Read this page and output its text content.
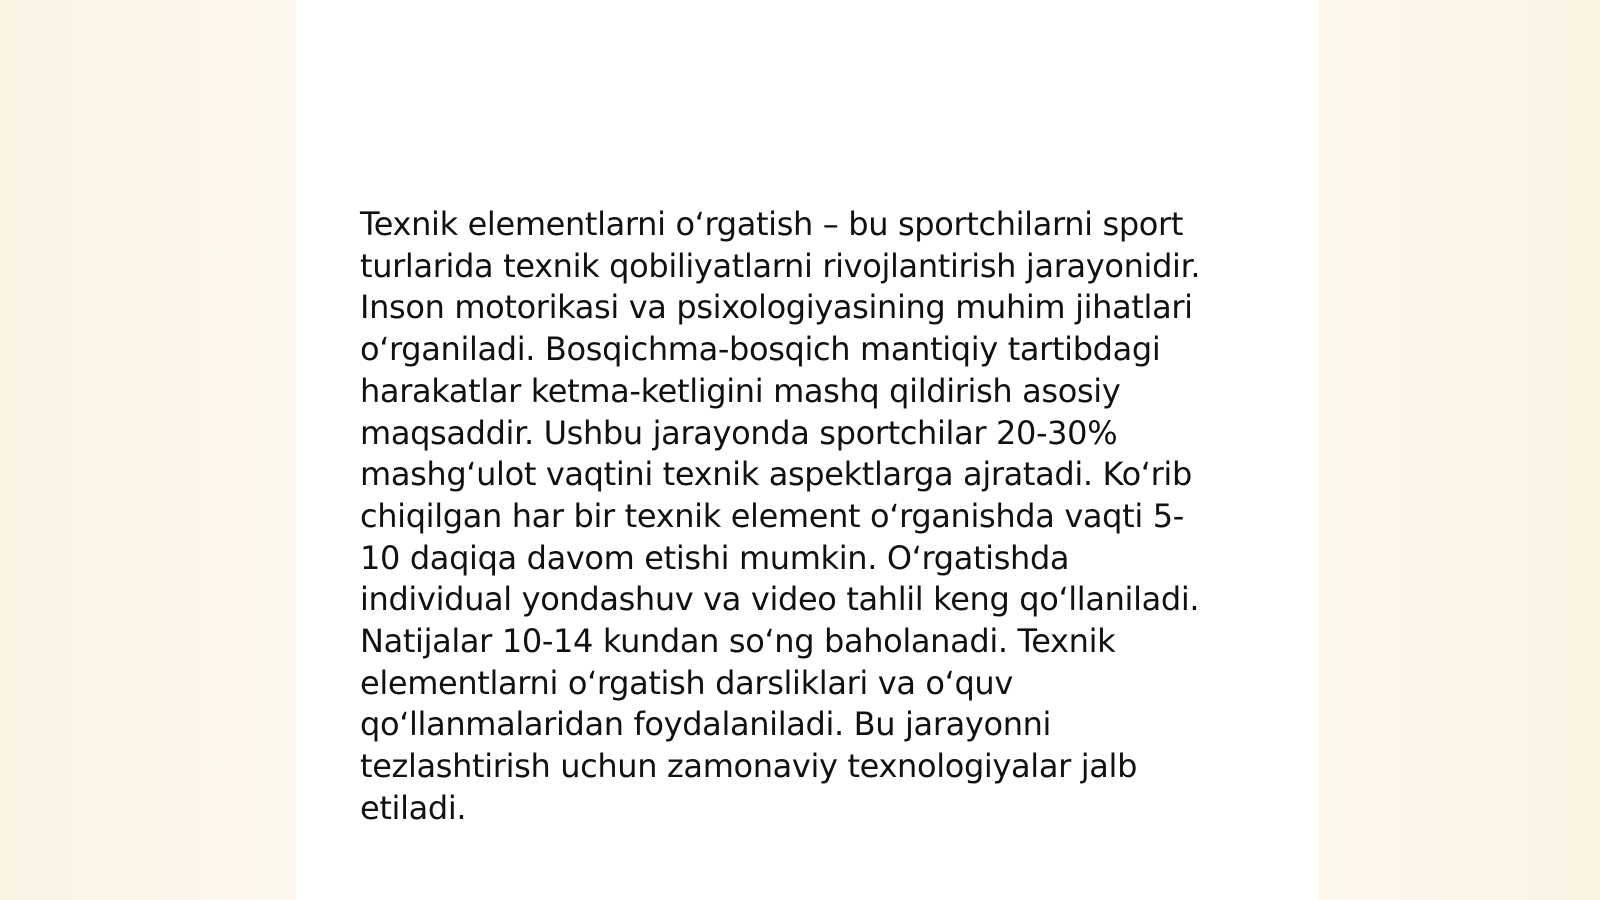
Texnik elementlarni oʻrgatish – bu sportchilarni sport
turlarida texnik qobiliyatlarni rivojlantirish jarayonidir.
Inson motorikasi va psixologiyasining muhim jihatlari
oʻrganiladi. Bosqichma-bosqich mantiqiy tartibdagi
harakatlar ketma-ketligini mashq qildirish asosiy
maqsaddir. Ushbu jarayonda sportchilar 20-30%
mashgʻulot vaqtini texnik aspektlarga ajratadi. Koʻrib
chiqilgan har bir texnik element oʻrganishda vaqti 5-
10 daqiqa davom etishi mumkin. Oʻrgatishda
individual yondashuv va video tahlil keng qoʻllaniladi.
Natijalar 10-14 kundan soʻng baholanadi. Texnik
elementlarni oʻrgatish darsliklari va oʻquv
qoʻllanmalaridan foydalaniladi. Bu jarayonni
tezlashtirish uchun zamonaviy texnologiyalar jalb
etiladi.
